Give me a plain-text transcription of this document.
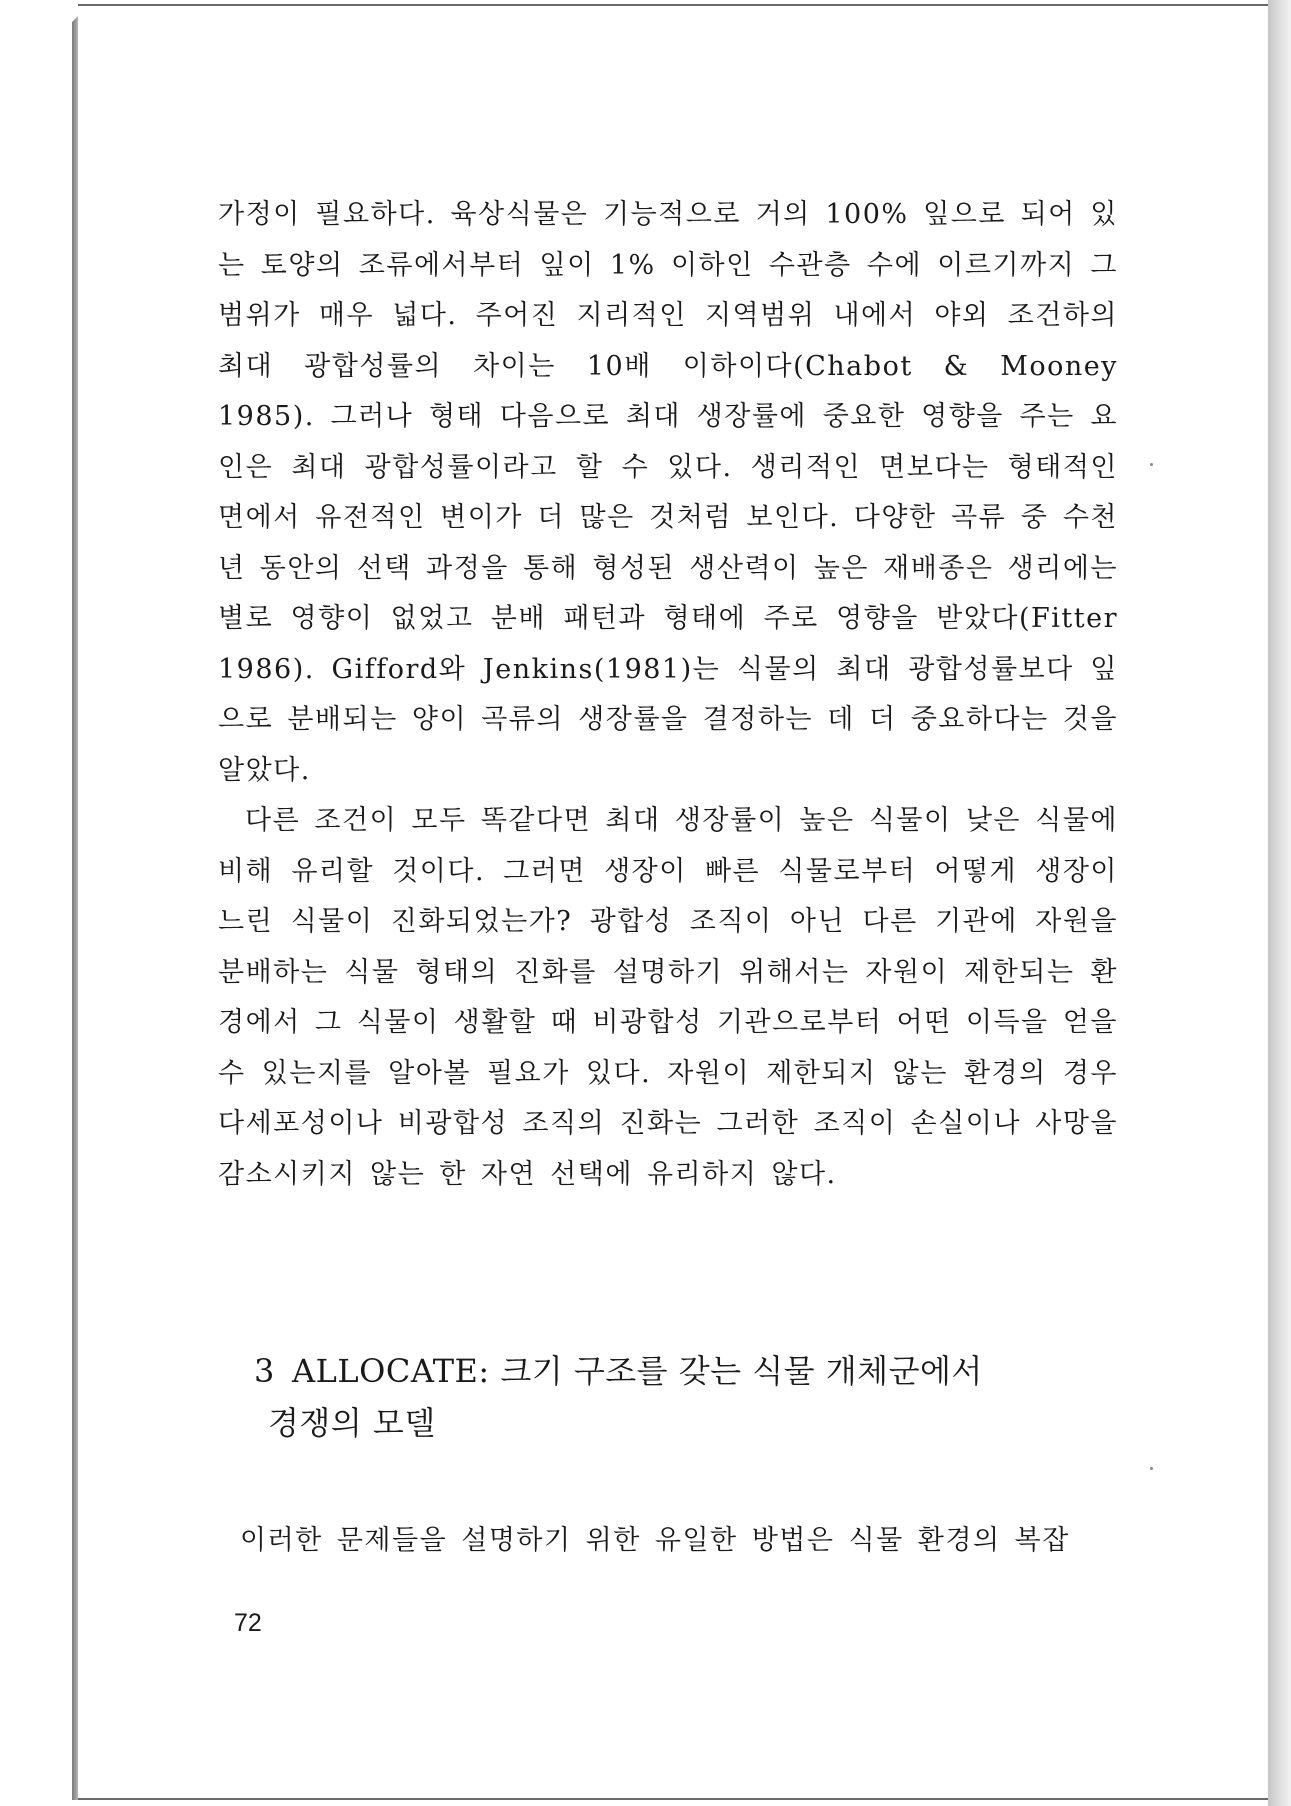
가정이 필요하다. 육상식물은 기능적으로 거의 100% 잎으로 되어 있는 토양의 조류에서부터 잎이 1% 이하인 수관층 수에 이르기까지 그 범위가 매우 넓다. 주어진 지리적인 지역범위 내에서 야외 조건하의 최대 광합성률의 차이는 10배 이하이다(Chabot & Mooney 1985). 그러나 형태 다음으로 최대 생장률에 중요한 영향을 주는 요인은 최대 광합성률이라고 할 수 있다. 생리적인 면보다는 형태적인 면에서 유전적인 변이가 더 많은 것처럼 보인다. 다양한 곡류 중 수천년 동안의 선택 과정을 통해 형성된 생산력이 높은 재배종은 생리에는 별로 영향이 없었고 분배 패턴과 형태에 주로 영향을 받았다(Fitter 1986). Gifford와 Jenkins(1981)는 식물의 최대 광합성률보다 잎으로 분배되는 양이 곡류의 생장률을 결정하는 데 더 중요하다는 것을 알았다.

다른 조건이 모두 똑같다면 최대 생장률이 높은 식물이 낮은 식물에 비해 유리할 것이다. 그러면 생장이 빠른 식물로부터 어떻게 생장이 느린 식물이 진화되었는가? 광합성 조직이 아닌 다른 기관에 자원을 분배하는 식물 형태의 진화를 설명하기 위해서는 자원이 제한되는 환경에서 그 식물이 생활할 때 비광합성 기관으로부터 어떤 이득을 얻을 수 있는지를 알아볼 필요가 있다. 자원이 제한되지 않는 환경의 경우 다세포성이나 비광합성 조직의 진화는 그러한 조직이 손실이나 사망을 감소시키지 않는 한 자연 선택에 유리하지 않다.

3 ALLOCATE: 크기 구조를 갖는 식물 개체군에서
경쟁의 모델

이러한 문제들을 설명하기 위한 유일한 방법은 식물 환경의 복잡

72
